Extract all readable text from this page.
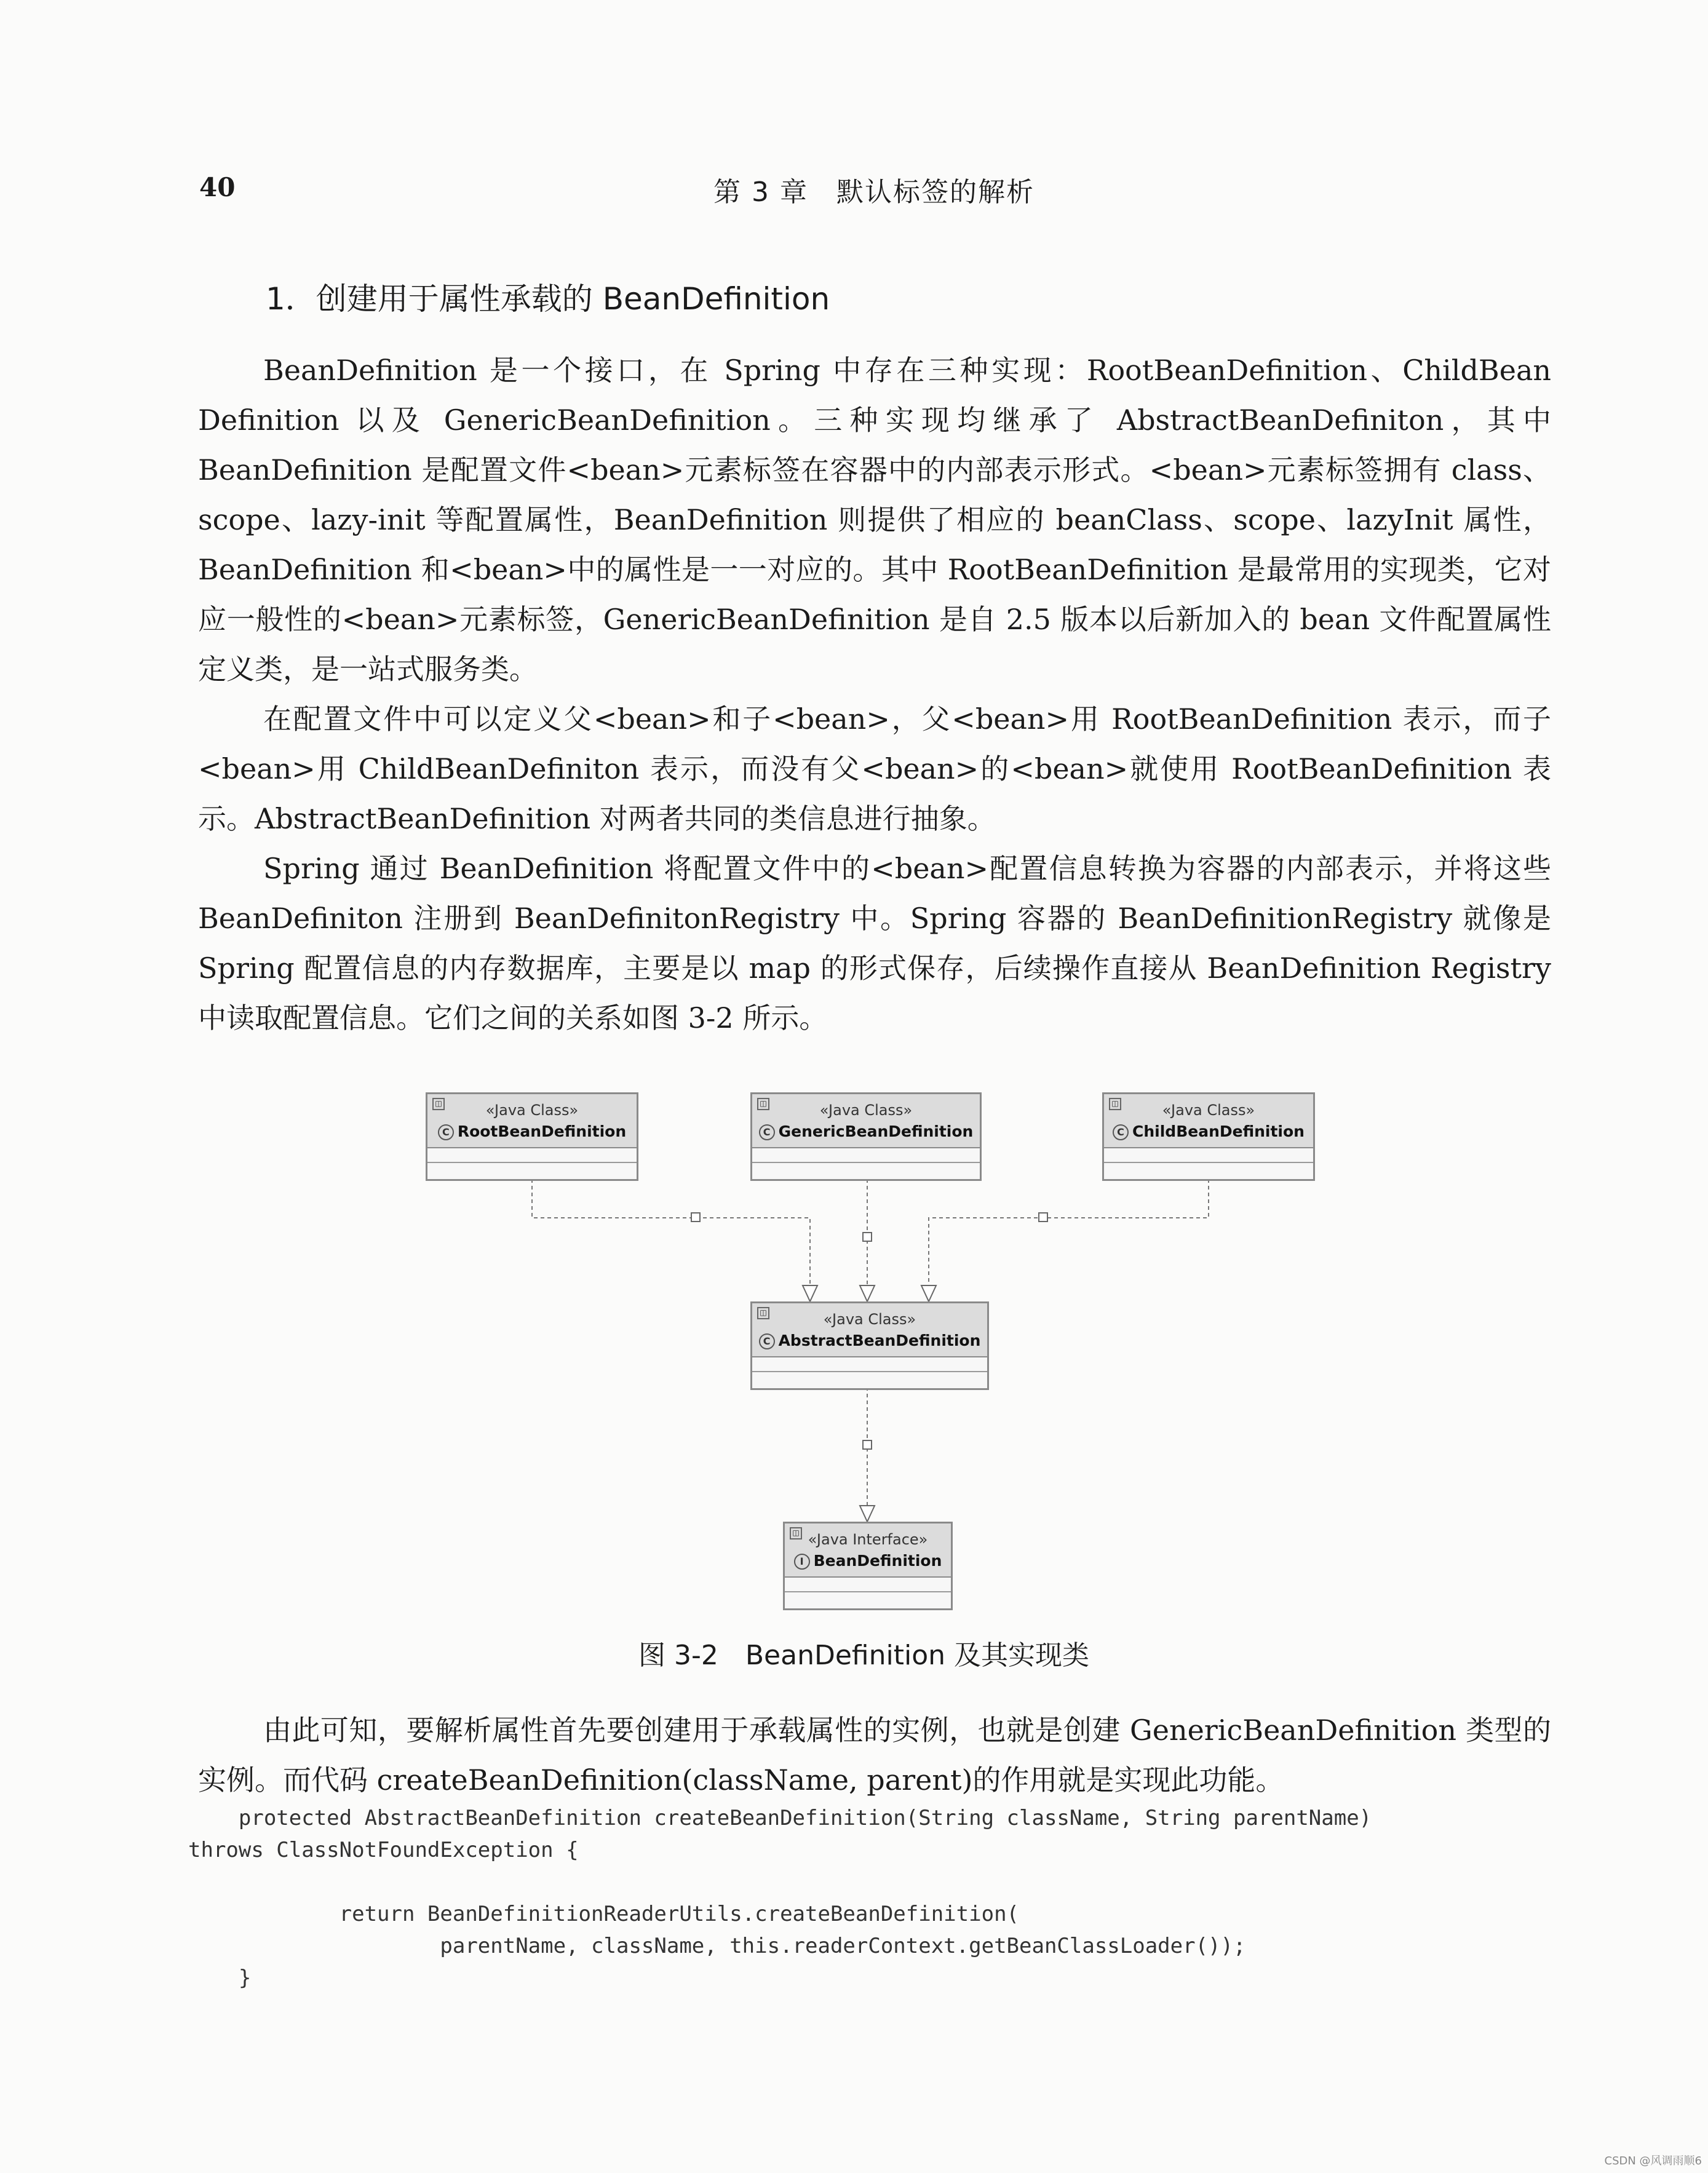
40	第 3 章　默认标签的解析
1．创建用于属性承载的 BeanDefinition

BeanDefinition 是一个接口，在 Spring 中存在三种实现：RootBeanDefinition、ChildBean Definition 以及 GenericBeanDefinition。三种实现均继承了 AbstractBeanDefiniton，其中 BeanDefinition 是配置文件<bean>元素标签在容器中的内部表示形式。<bean>元素标签拥有 class、scope、lazy-init 等配置属性，BeanDefinition 则提供了相应的 beanClass、scope、lazyInit 属性，BeanDefinition 和<bean>中的属性是一一对应的。其中 RootBeanDefinition 是最常用的实现类，它对应一般性的<bean>元素标签，GenericBeanDefinition 是自 2.5 版本以后新加入的 bean 文件配置属性定义类，是一站式服务类。

在配置文件中可以定义父<bean>和子<bean>，父<bean>用 RootBeanDefinition 表示，而子<bean>用 ChildBeanDefiniton 表示，而没有父<bean>的<bean>就使用 RootBeanDefinition 表示。AbstractBeanDefinition 对两者共同的类信息进行抽象。

Spring 通过 BeanDefinition 将配置文件中的<bean>配置信息转换为容器的内部表示，并将这些 BeanDefiniton 注册到 BeanDefinitonRegistry 中。Spring 容器的 BeanDefinitionRegistry 就像是 Spring 配置信息的内存数据库，主要是以 map 的形式保存，后续操作直接从 BeanDefinition Registry 中读取配置信息。它们之间的关系如图 3-2 所示。

◫	«Java Class»
C RootBeanDefinition
◫	«Java Class»
C GenericBeanDefinition
◫	«Java Class»
C ChildBeanDefinition
◫	«Java Class»
C AbstractBeanDefinition
◫ «Java Interface»
I BeanDefinition
图 3-2　BeanDefinition 及其实现类

由此可知，要解析属性首先要创建用于承载属性的实例，也就是创建 GenericBeanDefinition 类型的实例。而代码 createBeanDefinition(className, parent)的作用就是实现此功能。

protected AbstractBeanDefinition createBeanDefinition(String className, String parentName)
throws ClassNotFoundException {

return BeanDefinitionReaderUtils.createBeanDefinition(
parentName, className, this.readerContext.getBeanClassLoader());
}
CSDN @风调雨顺6
